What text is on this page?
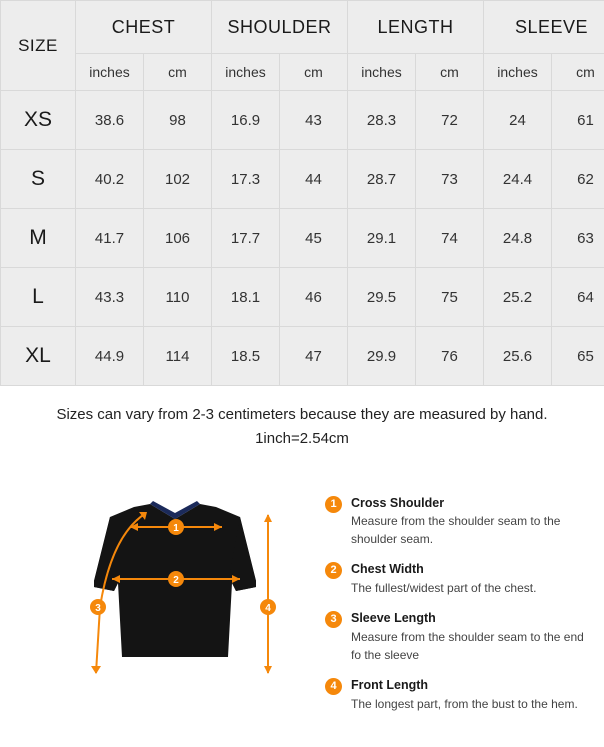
SIZE	CHEST		SHOULDER		LENGTH		SLEEVE	
	inches	cm	inches	cm	inches	cm	inches	cm
XS	38.6	98	16.9	43	28.3	72	24	61
S	40.2	102	17.3	44	28.7	73	24.4	62
M	41.7	106	17.7	45	29.1	74	24.8	63
L	43.3	110	18.1	46	29.5	75	25.2	64
XL	44.9	114	18.5	47	29.9	76	25.6	65
Sizes can vary from 2-3 centimeters because they are measured by hand.
1inch=2.54cm
1
2
3	4
1	Cross Shoulder
Measure from the shoulder seam to the shoulder seam.
2	Chest Width
The fullest/widest part of the chest.
3	Sleeve Length
Measure from the shoulder seam to the end fo the sleeve
4	Front Length
The longest part, from the bust to the hem.
